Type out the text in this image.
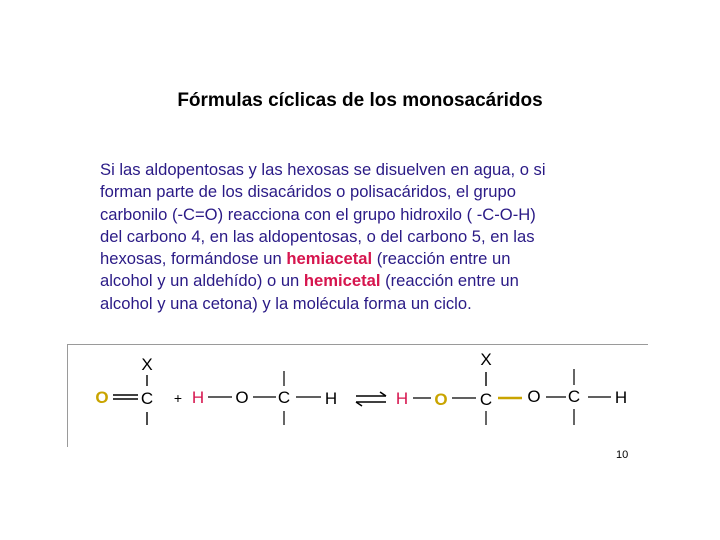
Fórmulas cíclicas de los monosacáridos
Si las aldopentosas y las hexosas se disuelven en agua, o si
forman parte de los disacáridos o polisacáridos, el grupo
carbonilo (-C=O) reacciona con el grupo hidroxilo ( -C-O-H)
del carbono 4, en las aldopentosas, o del carbono 5, en las
hexosas, formándose un hemiacetal (reacción entre un
alcohol y un aldehído) o un hemicetal (reacción entre un
alcohol y una cetona) y la molécula forma un ciclo.
X
O C + H O C H	H O
X
C O C H
10
